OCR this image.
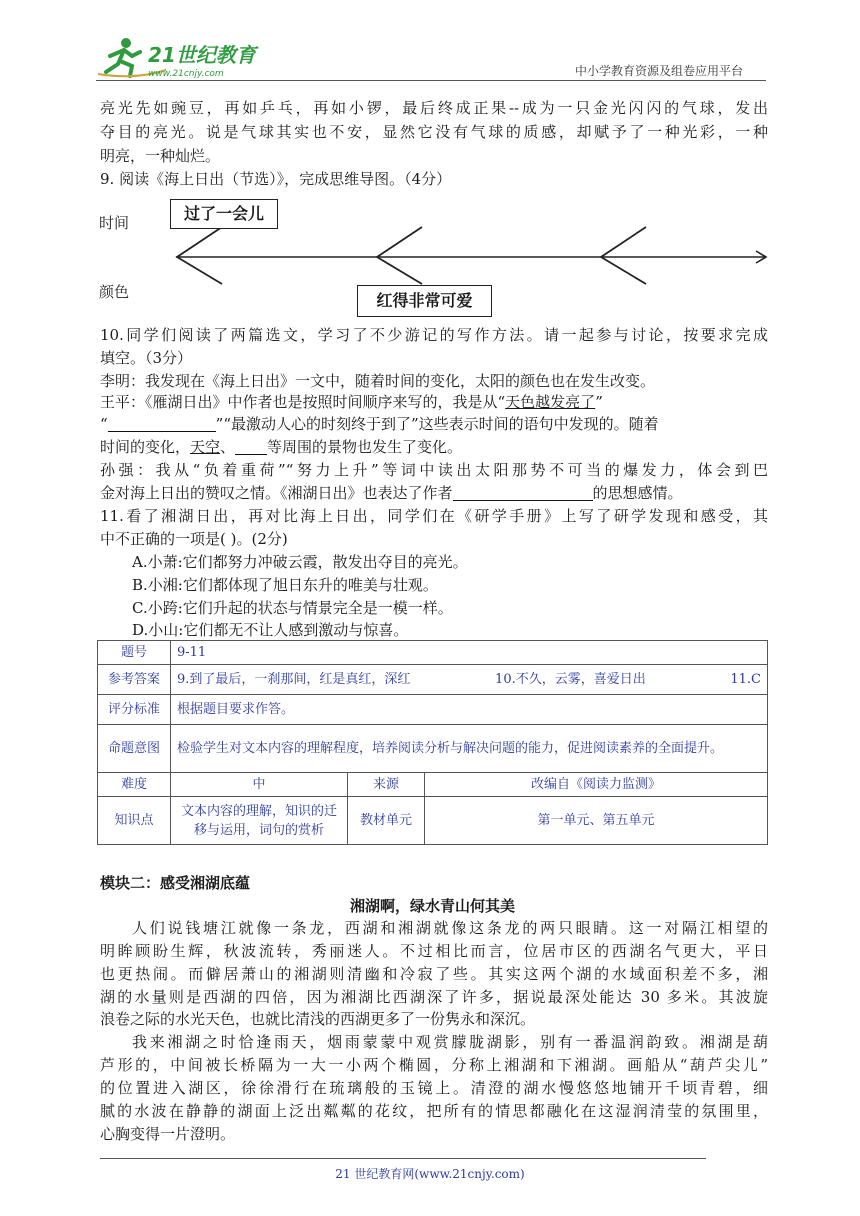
21世纪教育
www.21cnjy.com	中小学教育资源及组卷应用平台
亮光先如豌豆，再如乒乓，再如小锣，最后终成正果--成为一只金光闪闪的气球，发出
夺目的亮光。说是气球其实也不安，显然它没有气球的质感，却赋予了一种光彩，一种
明亮，一种灿烂。
9. 阅读《海上日出（节选）》，完成思维导图。（4分）
时间
颜色
过了一会儿
红得非常可爱
10.同学们阅读了两篇选文，学习了不少游记的写作方法。请一起参与讨论，按要求完成
填空。（3分）
李明：我发现在《海上日出》一文中，随着时间的变化，太阳的颜色也在发生改变。
王平：《雁湖日出》中作者也是按照时间顺序来写的，我是从“天色越发亮了”
“	”“最激动人心的时刻终于到了”这些表示时间的语句中发现的。随着
时间的变化，天空、 等周围的景物也发生了变化。
孙强：我从“负着重荷”“努力上升”等词中读出太阳那势不可当的爆发力，体会到巴
金对海上日出的赞叹之情。《湘湖日出》也表达了作者	的思想感情。
11.看了湘湖日出，再对比海上日出，同学们在《研学手册》上写了研学发现和感受，其
中不正确的一项是( )。(2分)
A.小萧:它们都努力冲破云霞，散发出夺目的亮光。
B.小湘:它们都体现了旭日东升的唯美与壮观。
C.小跨:它们升起的状态与情景完全是一模一样。
D.小山:它们都无不让人感到激动与惊喜。
题号	9-11		
参考答案	9.到了最后，一刹那间，红是真红，深红 10.不久，云雾，喜爱日出 11.C		

评分标准	根据题目要求作答。		
命题意图	检验学生对文本内容的理解程度，培养阅读分析与解决问题的能力，促进阅读素养的全面提升。		
难度	中	来源	改编自《阅读力监测》
知识点	文本内容的理解，知识的迁移与运用，词句的赏析	教材单元	第一单元、第五单元
模块二：感受湘湖底蕴
湘湖啊，绿水青山何其美
人们说钱塘江就像一条龙，西湖和湘湖就像这条龙的两只眼睛。这一对隔江相望的
明眸顾盼生辉，秋波流转，秀丽迷人。不过相比而言，位居市区的西湖名气更大，平日
也更热闹。而僻居萧山的湘湖则清幽和冷寂了些。其实这两个湖的水域面积差不多，湘
湖的水量则是西湖的四倍，因为湘湖比西湖深了许多，据说最深处能达 30 多米。其波旋
浪卷之际的水光天色，也就比清浅的西湖更多了一份隽永和深沉。
我来湘湖之时恰逢雨天，烟雨蒙蒙中观赏朦胧湖影，别有一番温润韵致。湘湖是葫
芦形的，中间被长桥隔为一大一小两个椭圆，分称上湘湖和下湘湖。画船从“葫芦尖儿”
的位置进入湖区，徐徐滑行在琉璃般的玉镜上。清澄的湖水慢悠悠地铺开千顷青碧，细
腻的水波在静静的湖面上泛出粼粼的花纹，把所有的情思都融化在这湿润清莹的氛围里，
心胸变得一片澄明。
21 世纪教育网(www.21cnjy.com)
